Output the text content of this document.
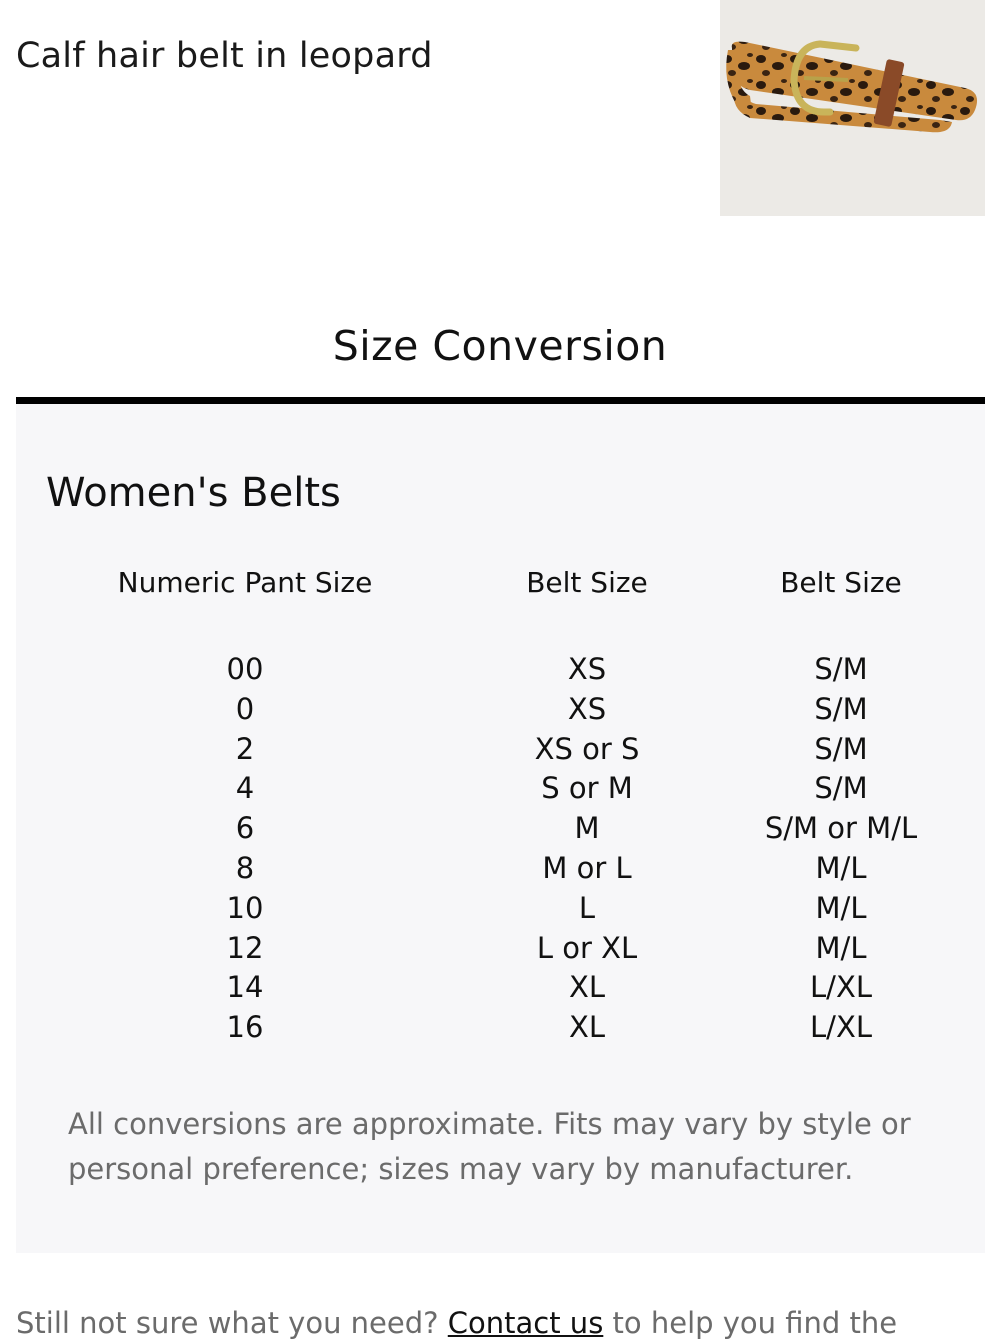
Calf hair belt in leopard
Size Conversion
Women's Belts
Numeric Pant Size	Belt Size	Belt Size
00	XS	S/M
0	XS	S/M
2	XS or S	S/M
4	S or M	S/M
6	M	S/M or M/L
8	M or L	M/L
10	L	M/L
12	L or XL	M/L
14	XL	L/XL
16	XL	L/XL
All conversions are approximate. Fits may vary by style or personal preference; sizes may vary by manufacturer.
Still not sure what you need? Contact us to help you find the
